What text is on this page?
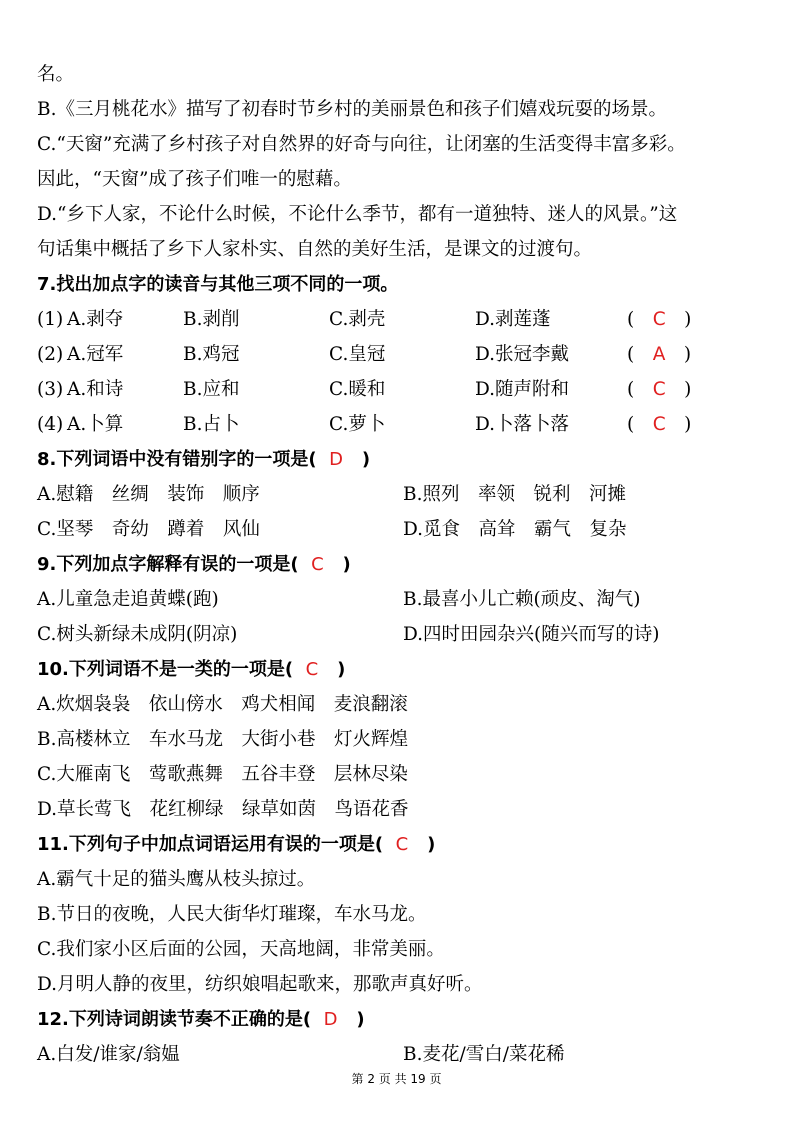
名。
B.《三月桃花水》描写了初春时节乡村的美丽景色和孩子们嬉戏玩耍的场景。
C.“天窗”充满了乡村孩子对自然界的好奇与向往，让闭塞的生活变得丰富多彩。
因此，“天窗”成了孩子们唯一的慰藉。
D.“乡下人家，不论什么时候，不论什么季节，都有一道独特、迷人的风景。”这
句话集中概括了乡下人家朴实、自然的美好生活，是课文的过渡句。
7.找出加点字的读音与其他三项不同的一项。
(1) A.剥夺	B.剥削	C.剥壳	D.剥莲蓬	(　C　)
(2) A.冠军	B.鸡冠	C.皇冠	D.张冠李戴	(　A　)
(3) A.和诗	B.应和	C.暖和	D.随声附和	(　C　)
(4) A.卜算	B.占卜	C.萝卜	D.卜落卜落	(　C　)
8.下列词语中没有错别字的一项是( D )
A.慰籍　丝绸　装饰　顺序	B.照列　率领　锐利　河摊
C.坚琴　奇幼　蹲着　风仙	D.觅食　高耸　霸气　复杂
9.下列加点字解释有误的一项是( C )
A.儿童急走追黄蝶(跑)	B.最喜小儿亡赖(顽皮、淘气)
C.树头新绿未成阴(阴凉)	D.四时田园杂兴(随兴而写的诗)
10.下列词语不是一类的一项是( C )
A.炊烟袅袅　依山傍水　鸡犬相闻　麦浪翻滚
B.高楼林立　车水马龙　大街小巷　灯火辉煌
C.大雁南飞　莺歌燕舞　五谷丰登　层林尽染
D.草长莺飞　花红柳绿　绿草如茵　鸟语花香
11.下列句子中加点词语运用有误的一项是( C )
A.霸气十足的猫头鹰从枝头掠过。
B.节日的夜晚，人民大街华灯璀璨，车水马龙。
C.我们家小区后面的公园，天高地阔，非常美丽。
D.月明人静的夜里，纺织娘唱起歌来，那歌声真好听。
12.下列诗词朗读节奏不正确的是( D )
A.白发/谁家/翁媪	B.麦花/雪白/菜花稀
第 2 页 共 19 页
